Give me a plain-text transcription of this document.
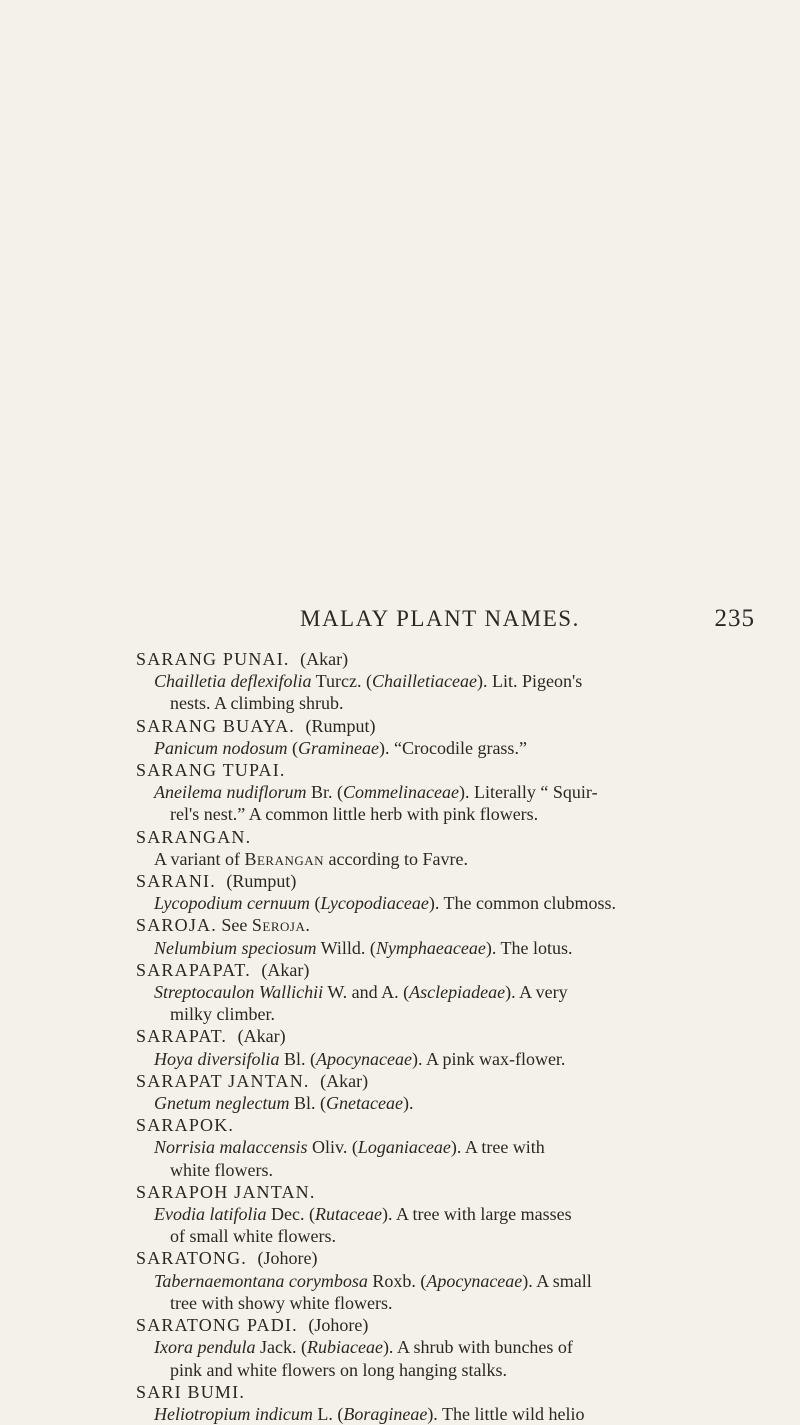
MALAY PLANT NAMES.	235
SARANG PUNAI. (Akar)
Chailletia deflexifolia Turcz. (Chailletiaceae). Lit. Pigeon's
nests. A climbing shrub.
SARANG BUAYA. (Rumput)
Panicum nodosum (Gramineae). “Crocodile grass.”
SARANG TUPAI.
Aneilema nudiflorum Br. (Commelinaceae). Literally “ Squir-
rel's nest.” A common little herb with pink flowers.
SARANGAN.
A variant of Berangan according to Favre.
SARANI. (Rumput)
Lycopodium cernuum (Lycopodiaceae). The common clubmoss.
SAROJA. See Seroja.
Nelumbium speciosum Willd. (Nymphaeaceae). The lotus.
SARAPAPAT. (Akar)
Streptocaulon Wallichii W. and A. (Asclepiadeae). A very
milky climber.
SARAPAT. (Akar)
Hoya diversifolia Bl. (Apocynaceae). A pink wax-flower.
SARAPAT JANTAN. (Akar)
Gnetum neglectum Bl. (Gnetaceae).
SARAPOK.
Norrisia malaccensis Oliv. (Loganiaceae). A tree with
white flowers.
SARAPOH JANTAN.
Evodia latifolia Dec. (Rutaceae). A tree with large masses
of small white flowers.
SARATONG. (Johore)
Tabernaemontana corymbosa Roxb. (Apocynaceae). A small
tree with showy white flowers.
SARATONG PADI. (Johore)
Ixora pendula Jack. (Rubiaceae). A shrub with bunches of
pink and white flowers on long hanging stalks.
SARI BUMI.
Heliotropium indicum L. (Boragineae). The little wild helio
